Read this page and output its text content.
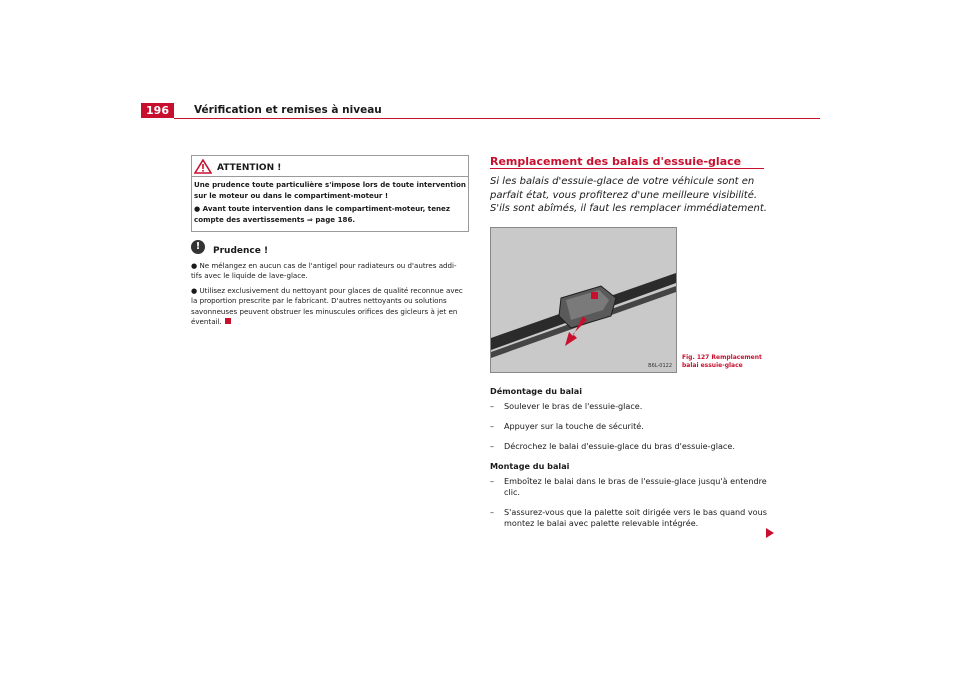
196	Vérification et remises à niveau
ATTENTION !

Une prudence toute particulière s'impose lors de toute intervention sur le moteur ou dans le compartiment-moteur !

● Avant toute intervention dans le compartiment-moteur, tenez compte des avertissements ⇒ page 186.

!	Prudence !

● Ne mélangez en aucun cas de l'antigel pour radiateurs ou d'autres addi-tifs avec le liquide de lave-glace.

● Utilisez exclusivement du nettoyant pour glaces de qualité reconnue avec la proportion prescrite par le fabricant. D'autres nettoyants ou solutions savonneuses peuvent obstruer les minuscules orifices des gicleurs à jet en éventail.

Remplacement des balais d'essuie-glace
Si les balais d'essuie-glace de votre véhicule sont en parfait état, vous profiterez d'une meilleure visibilité. S'ils sont abîmés, il faut les remplacer immédiatement.
B6L-0122
Fig. 127 Remplacement
balai essuie-glace
Démontage du balai
– Soulever le bras de l'essuie-glace.
– Appuyer sur la touche de sécurité.
– Décrochez le balai d'essuie-glace du bras d'essuie-glace.
Montage du balai
– Emboîtez le balai dans le bras de l'essuie-glace jusqu'à entendre clic.
– S'assurez-vous que la palette soit dirigée vers le bas quand vous montez le balai avec palette relevable intégrée.
